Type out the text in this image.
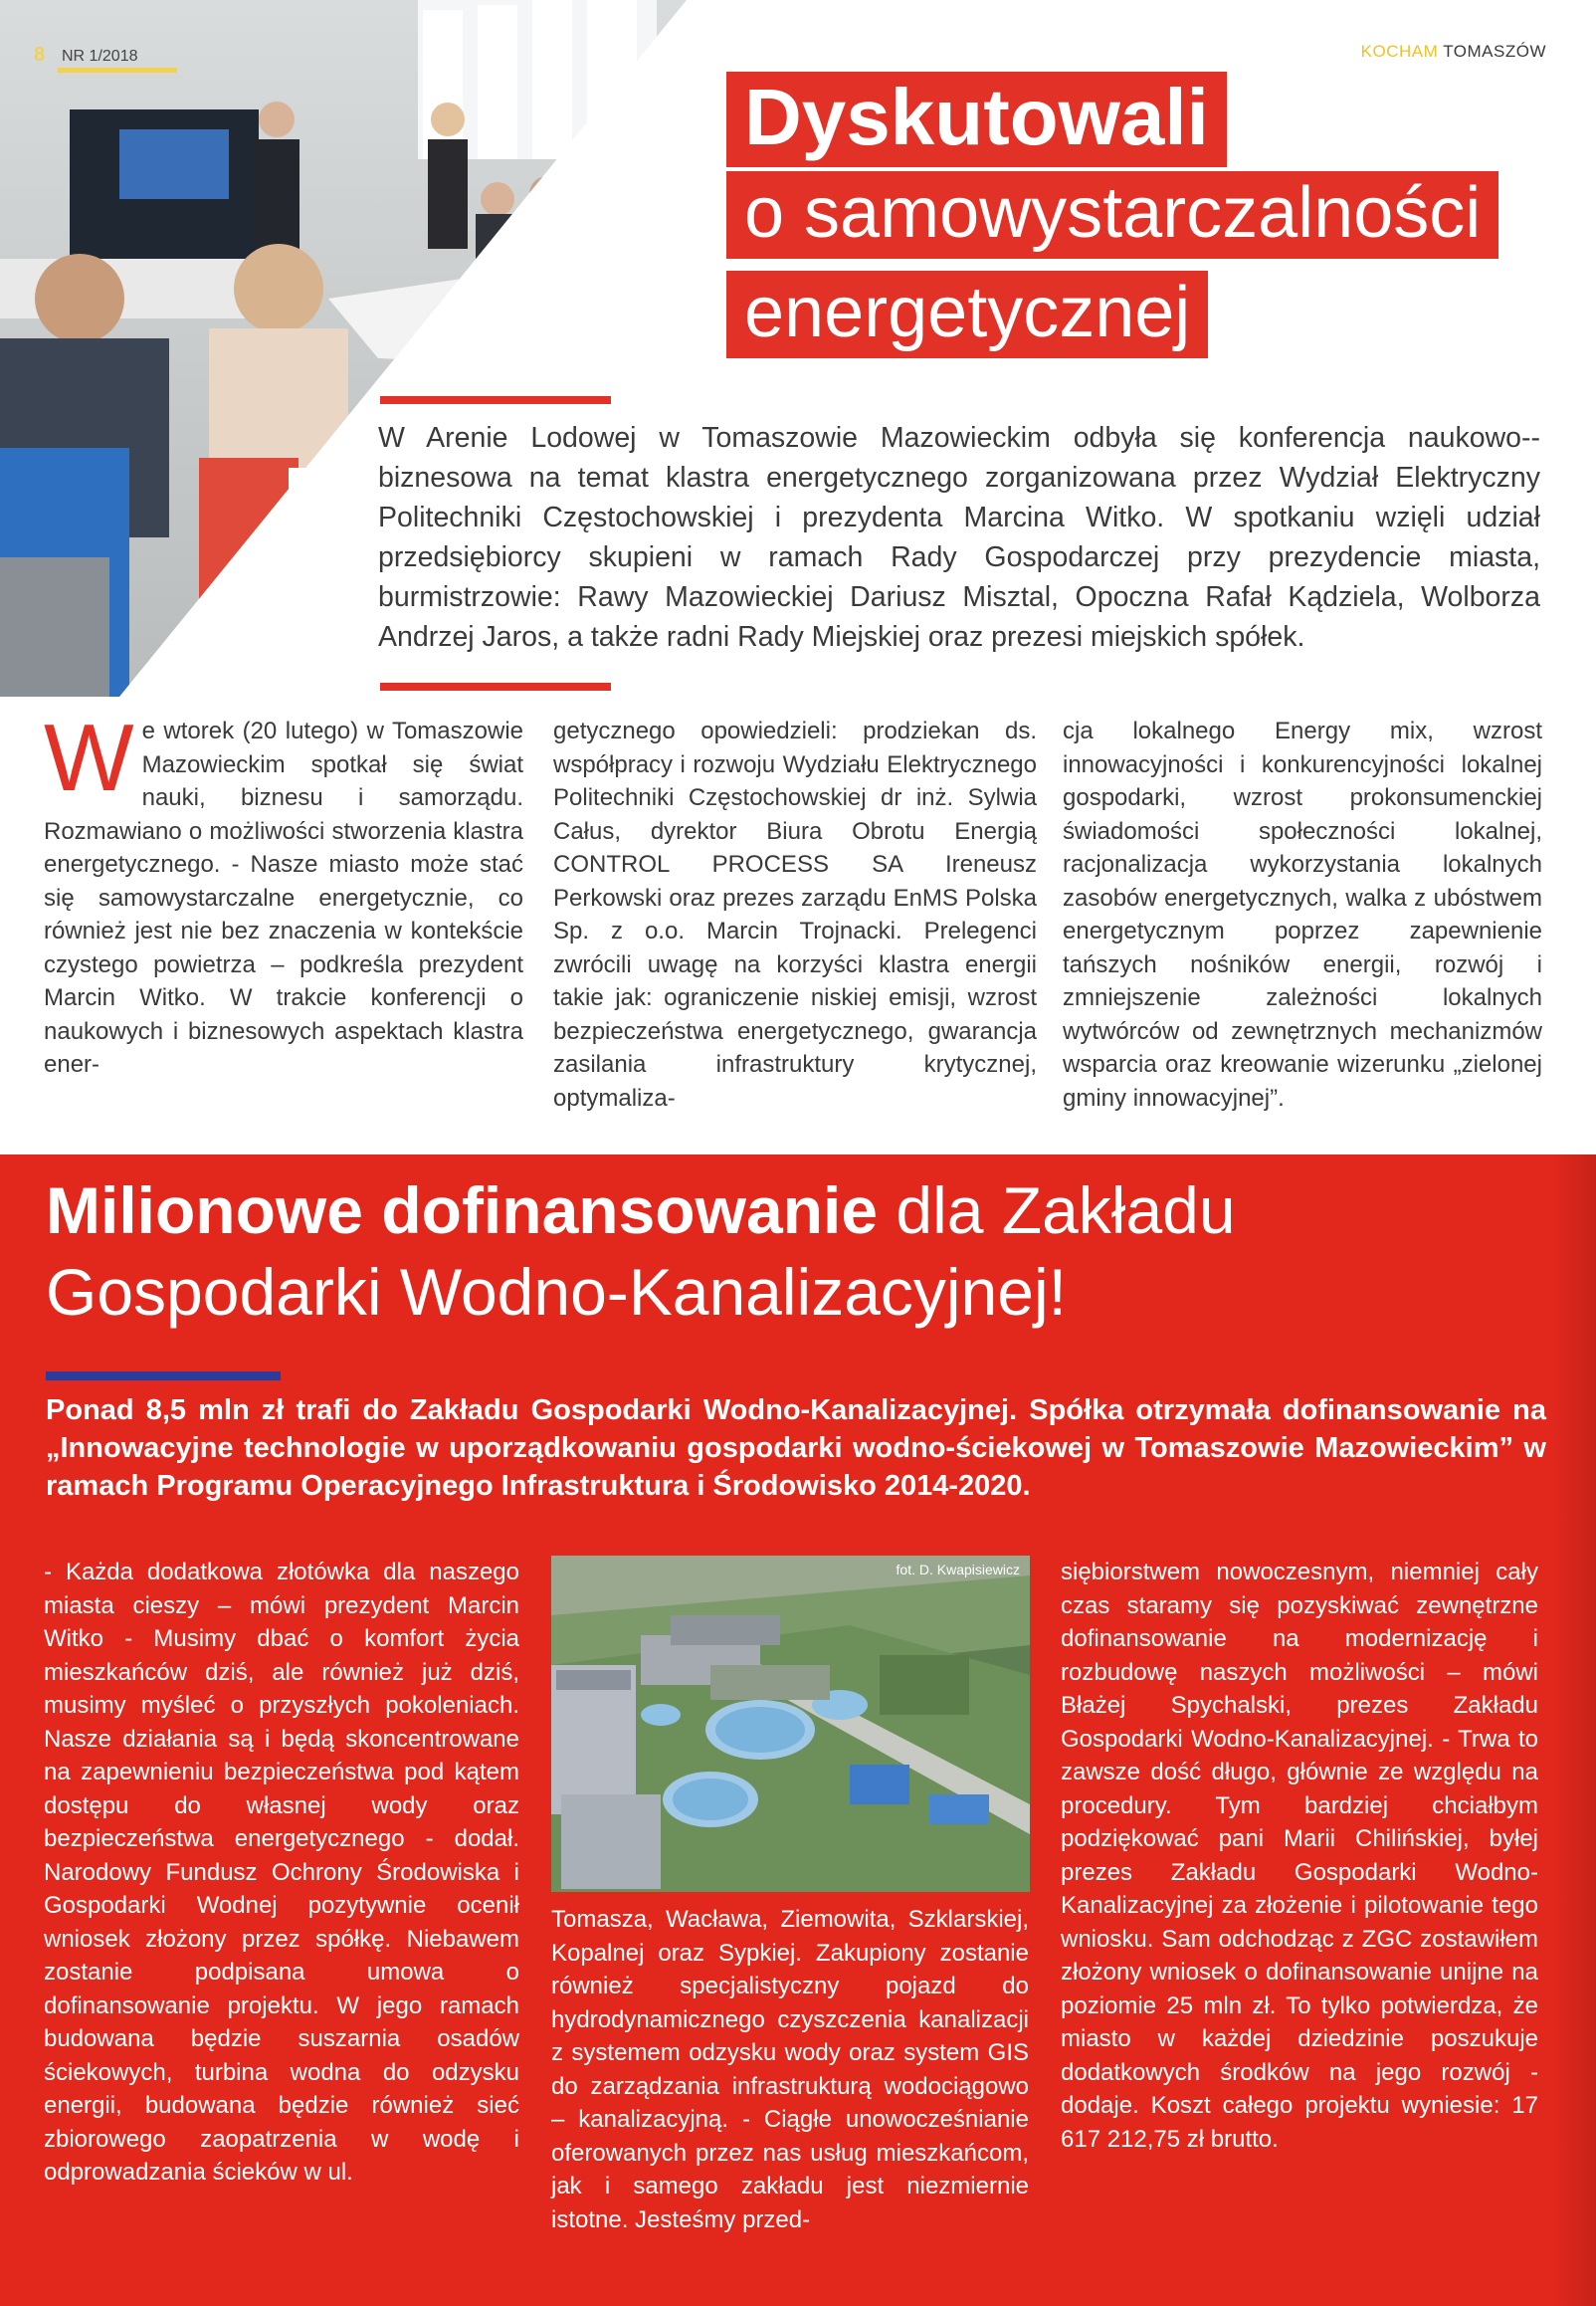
8 NR 1/2018	KOCHAM TOMASZÓW
Dyskutowali
o samowystarczalności
energetycznej
W Arenie Lodowej w Tomaszowie Mazowieckim odbyła się konferencja naukowo--biznesowa na temat klastra energetycznego zorganizowana przez Wydział Elektryczny Politechniki Częstochowskiej i prezydenta Marcina Witko. W spotkaniu wzięli udział przedsiębiorcy skupieni w ramach Rady Gospodarczej przy prezydencie miasta, burmistrzowie: Rawy Mazowieckiej Dariusz Misztal, Opoczna Rafał Kądziela, Wolborza Andrzej Jaros, a także radni Rady Miejskiej oraz prezesi miejskich spółek.
W e wtorek (20 lutego) w Tomaszowie Mazowieckim spotkał się świat nauki, biznesu i samorządu. Rozmawiano o możliwości stworzenia klastra energetycznego. - Nasze miasto może stać się samowystarczalne energetycznie, co również jest nie bez znaczenia w kontekście czystego powietrza – podkreśla prezydent Marcin Witko. W trakcie konferencji o naukowych i biznesowych aspektach klastra ener-
getycznego opowiedzieli: prodziekan ds. współpracy i rozwoju Wydziału Elektrycznego Politechniki Częstochowskiej dr inż. Sylwia Całus, dyrektor Biura Obrotu Energią CONTROL PROCESS SA Ireneusz Perkowski oraz prezes zarządu EnMS Polska Sp. z o.o. Marcin Trojnacki. Prelegenci zwrócili uwagę na korzyści klastra energii takie jak: ograniczenie niskiej emisji, wzrost bezpieczeństwa energetycznego, gwarancja zasilania infrastruktury krytycznej, optymaliza-
cja lokalnego Energy mix, wzrost innowacyjności i konkurencyjności lokalnej gospodarki, wzrost prokonsumenckiej świadomości społeczności lokalnej, racjonalizacja wykorzystania lokalnych zasobów energetycznych, walka z ubóstwem energetycznym poprzez zapewnienie tańszych nośników energii, rozwój i zmniejszenie zależności lokalnych wytwórców od zewnętrznych mechanizmów wsparcia oraz kreowanie wizerunku „zielonej gminy innowacyjnej”.
Milionowe dofinansowanie dla Zakładu
Gospodarki Wodno-Kanalizacyjnej!
Ponad 8,5 mln zł trafi do Zakładu Gospodarki Wodno-Kanalizacyjnej. Spółka otrzymała dofinansowanie na „Innowacyjne technologie w uporządkowaniu gospodarki wodno-ściekowej w Tomaszowie Mazowieckim” w ramach Programu Operacyjnego Infrastruktura i Środowisko 2014-2020.
- Każda dodatkowa złotówka dla naszego miasta cieszy – mówi prezydent Marcin Witko - Musimy dbać o komfort życia mieszkańców dziś, ale również już dziś, musimy myśleć o przyszłych pokoleniach. Nasze działania są i będą skoncentrowane na zapewnieniu bezpieczeństwa pod kątem dostępu do własnej wody oraz bezpieczeństwa energetycznego - dodał. Narodowy Fundusz Ochrony Środowiska i Gospodarki Wodnej pozytywnie ocenił wniosek złożony przez spółkę. Niebawem zostanie podpisana umowa o dofinansowanie projektu. W jego ramach budowana będzie suszarnia osadów ściekowych, turbina wodna do odzysku energii, budowana będzie również sieć zbiorowego zaopatrzenia w wodę i odprowadzania ścieków w ul.
fot. D. Kwapisiewicz
Tomasza, Wacława, Ziemowita, Szklarskiej, Kopalnej oraz Sypkiej. Zakupiony zostanie również specjalistyczny pojazd do hydrodynamicznego czyszczenia kanalizacji z systemem odzysku wody oraz system GIS do zarządzania infrastrukturą wodociągowo – kanalizacyjną. - Ciągłe unowocześnianie oferowanych przez nas usług mieszkańcom, jak i samego zakładu jest niezmiernie istotne. Jesteśmy przed-
siębiorstwem nowoczesnym, niemniej cały czas staramy się pozyskiwać zewnętrzne dofinansowanie na modernizację i rozbudowę naszych możliwości – mówi Błażej Spychalski, prezes Zakładu Gospodarki Wodno-Kanalizacyjnej. - Trwa to zawsze dość długo, głównie ze względu na procedury. Tym bardziej chciałbym podziękować pani Marii Chilińskiej, byłej prezes Zakładu Gospodarki Wodno-Kanalizacyjnej za złożenie i pilotowanie tego wniosku. Sam odchodząc z ZGC zostawiłem złożony wniosek o dofinansowanie unijne na poziomie 25 mln zł. To tylko potwierdza, że miasto w każdej dziedzinie poszukuje dodatkowych środków na jego rozwój - dodaje. Koszt całego projektu wyniesie: 17 617 212,75 zł brutto.
